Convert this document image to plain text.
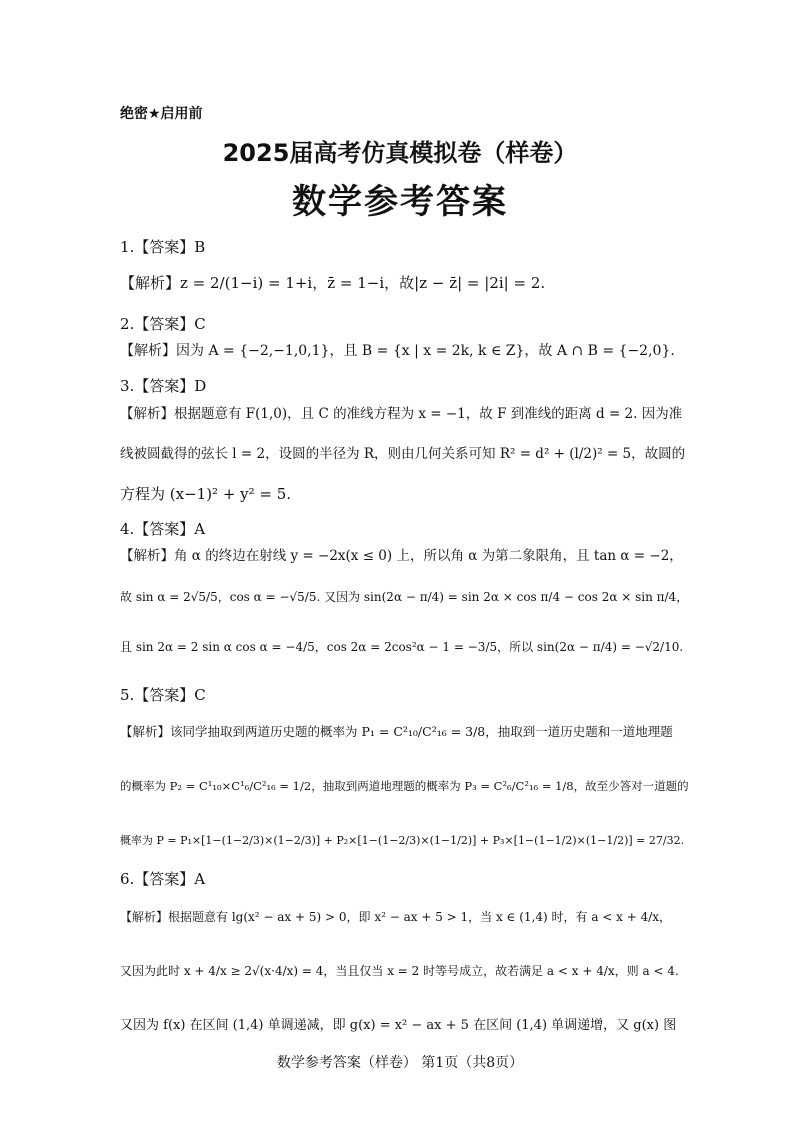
绝密★启用前
2025届高考仿真模拟卷（样卷）
数学参考答案
1.【答案】B
【解析】z = 2/(1−i) = 1+i，z̄ = 1−i，故|z − z̄| = |2i| = 2.
2.【答案】C
【解析】因为 A = {−2,−1,0,1}，且 B = {x | x = 2k, k ∈ Z}，故 A ∩ B = {−2,0}.
3.【答案】D
【解析】根据题意有 F(1,0)，且 C 的准线方程为 x = −1，故 F 到准线的距离 d = 2. 因为准
线被圆截得的弦长 l = 2，设圆的半径为 R，则由几何关系可知 R² = d² + (l/2)² = 5，故圆的
方程为 (x−1)² + y² = 5.
4.【答案】A
【解析】角 α 的终边在射线 y = −2x(x ≤ 0) 上，所以角 α 为第二象限角，且 tan α = −2，
故 sin α = 2√5/5，cos α = −√5/5. 又因为 sin(2α − π/4) = sin 2α × cos π/4 − cos 2α × sin π/4，
且 sin 2α = 2 sin α cos α = −4/5，cos 2α = 2cos²α − 1 = −3/5，所以 sin(2α − π/4) = −√2/10.
5.【答案】C
【解析】该同学抽取到两道历史题的概率为 P₁ = C²₁₀/C²₁₆ = 3/8，抽取到一道历史题和一道地理题
的概率为 P₂ = C¹₁₀×C¹₆/C²₁₆ = 1/2，抽取到两道地理题的概率为 P₃ = C²₆/C²₁₆ = 1/8，故至少答对一道题的
概率为 P = P₁×[1−(1−2/3)×(1−2/3)] + P₂×[1−(1−2/3)×(1−1/2)] + P₃×[1−(1−1/2)×(1−1/2)] = 27/32.
6.【答案】A
【解析】根据题意有 lg(x² − ax + 5) > 0，即 x² − ax + 5 > 1，当 x ∈ (1,4) 时，有 a < x + 4/x，
又因为此时 x + 4/x ≥ 2√(x·4/x) = 4，当且仅当 x = 2 时等号成立，故若满足 a < x + 4/x，则 a < 4.
又因为 f(x) 在区间 (1,4) 单调递减，即 g(x) = x² − ax + 5 在区间 (1,4) 单调递增，又 g(x) 图
数学参考答案（样卷） 第1页（共8页）
